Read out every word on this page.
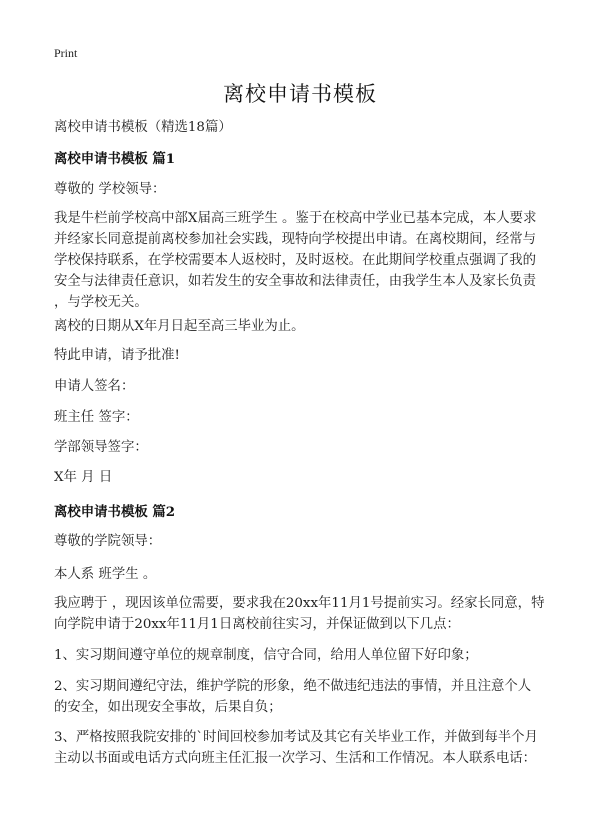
Print
离校申请书模板
离校申请书模板（精选18篇）
离校申请书模板 篇1
尊敬的 学校领导：
我是牛栏前学校高中部X届高三班学生 。鉴于在校高中学业已基本完成，本人要求
并经家长同意提前离校参加社会实践，现特向学校提出申请。在离校期间，经常与
学校保持联系，在学校需要本人返校时，及时返校。在此期间学校重点强调了我的
安全与法律责任意识，如若发生的安全事故和法律责任，由我学生本人及家长负责
，与学校无关。
离校的日期从X年月日起至高三毕业为止。
特此申请，请予批准!
申请人签名：
班主任 签字：
学部领导签字：
X年 月 日
离校申请书模板 篇2
尊敬的学院领导：
本人系 班学生 。
我应聘于 ，现因该单位需要，要求我在20xx年11月1号提前实习。经家长同意，特
向学院申请于20xx年11月1日离校前往实习，并保证做到以下几点：
1、实习期间遵守单位的规章制度，信守合同，给用人单位留下好印象；
2、实习期间遵纪守法，维护学院的形象，绝不做违纪违法的事情，并且注意个人
的安全，如出现安全事故，后果自负；
3、严格按照我院安排的`时间回校参加考试及其它有关毕业工作，并做到每半个月
主动以书面或电话方式向班主任汇报一次学习、生活和工作情况。本人联系电话：
